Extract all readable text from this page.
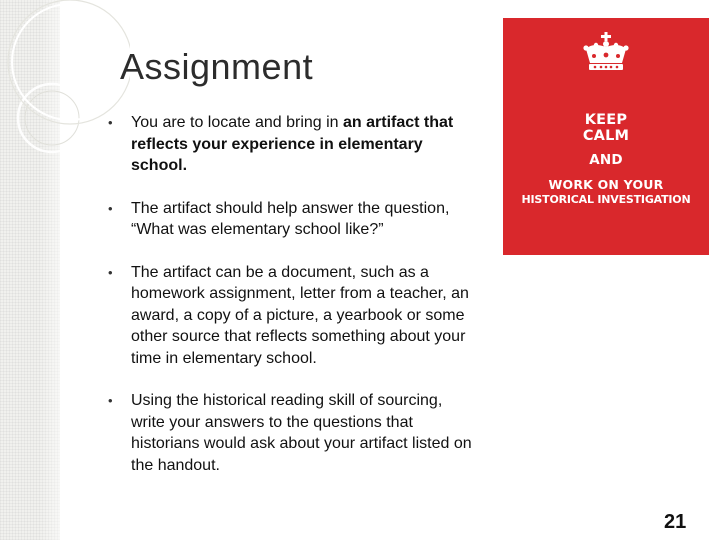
Assignment
• You are to locate and bring in an artifact that reflects your experience in elementary school.
• The artifact should help answer the question, “What was elementary school like?”
• The artifact can be a document, such as a homework assignment, letter from a teacher, an award, a copy of a picture, a yearbook or some other source that reflects something about your time in elementary school.
• Using the historical reading skill of sourcing, write your answers to the questions that historians would ask about your artifact listed on the handout.
KEEP
CALM
AND
WORK ON YOUR
HISTORICAL INVESTIGATION
21
